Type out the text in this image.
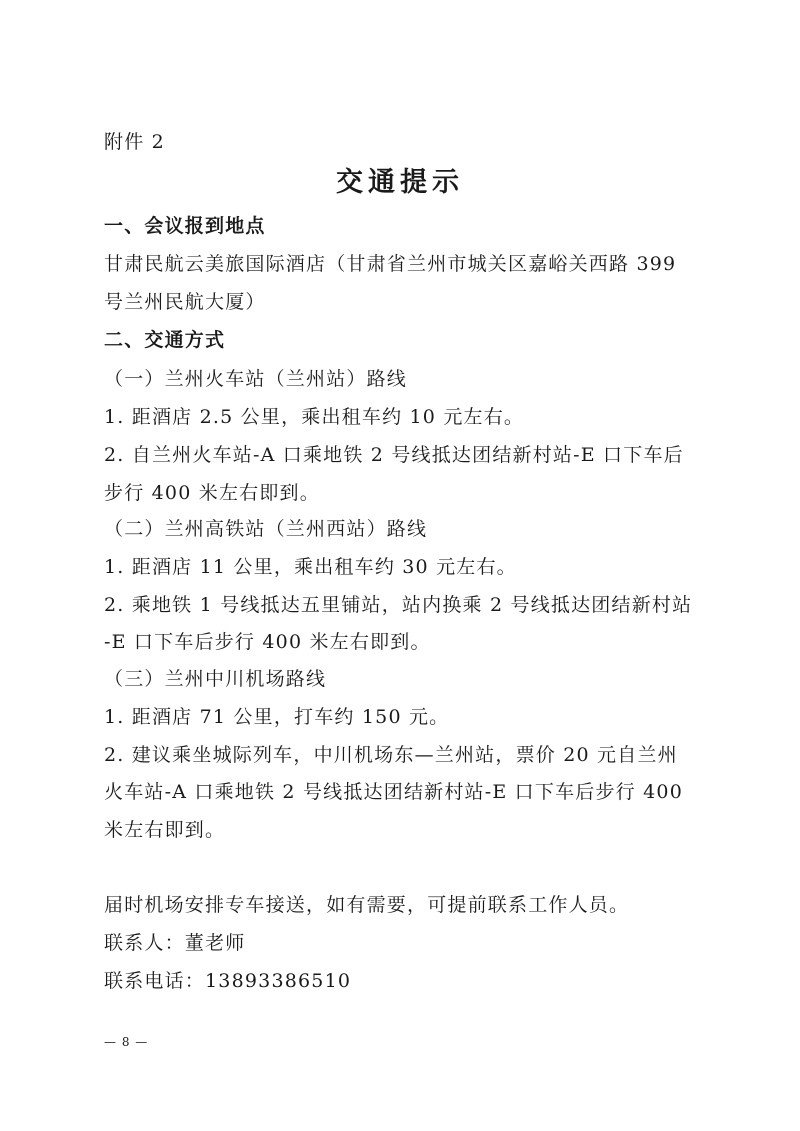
附件 2
交通提示
一、会议报到地点
甘肃民航云美旅国际酒店（甘肃省兰州市城关区嘉峪关西路 399
号兰州民航大厦）
二、交通方式
（一）兰州火车站（兰州站）路线
1. 距酒店 2.5 公里，乘出租车约 10 元左右。
2. 自兰州火车站-A 口乘地铁 2 号线抵达团结新村站-E 口下车后
步行 400 米左右即到。
（二）兰州高铁站（兰州西站）路线
1. 距酒店 11 公里，乘出租车约 30 元左右。
2. 乘地铁 1 号线抵达五里铺站，站内换乘 2 号线抵达团结新村站
-E 口下车后步行 400 米左右即到。
（三）兰州中川机场路线
1. 距酒店 71 公里，打车约 150 元。
2. 建议乘坐城际列车，中川机场东—兰州站，票价 20 元自兰州
火车站-A 口乘地铁 2 号线抵达团结新村站-E 口下车后步行 400
米左右即到。
届时机场安排专车接送，如有需要，可提前联系工作人员。
联系人：董老师
联系电话：13893386510
— 8 —
